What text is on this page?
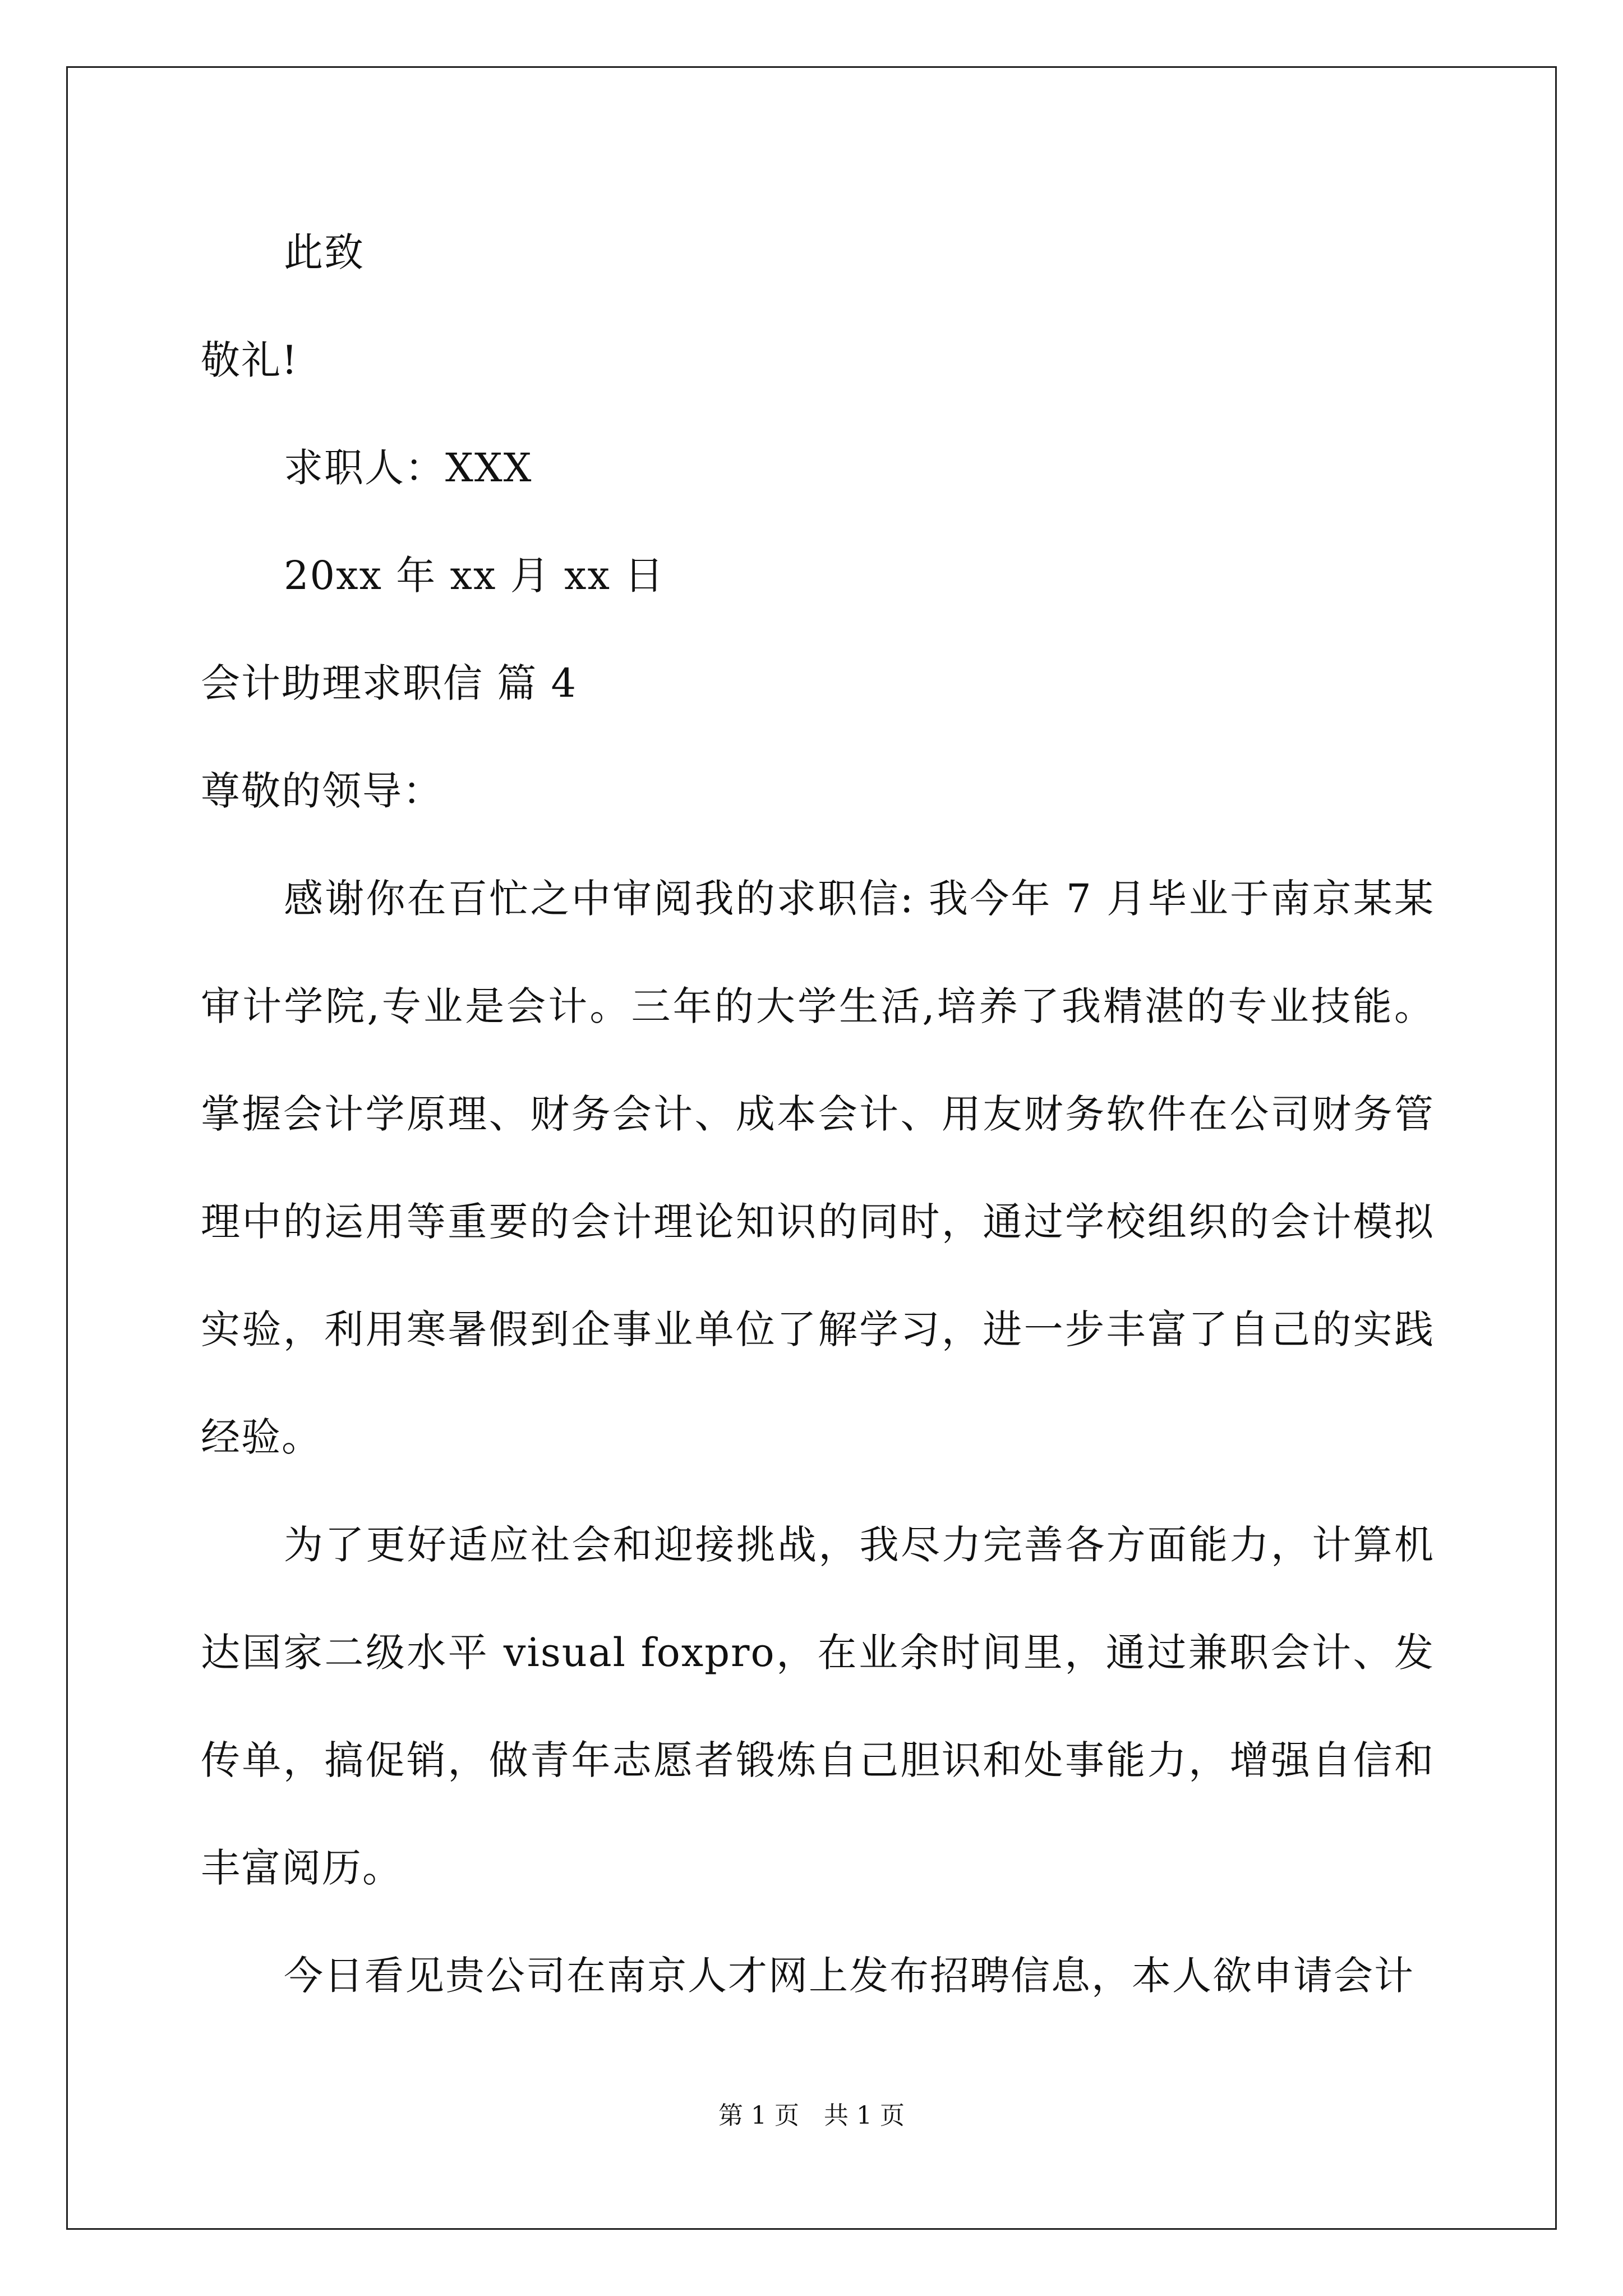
此致
敬礼!
求职人：XXX
20xx 年 xx 月 xx 日
会计助理求职信 篇 4
尊敬的领导：

感谢你在百忙之中审阅我的求职信: 我今年 7 月毕业于南京某某审计学院,专业是会计。三年的大学生活,培养了我精湛的专业技能。掌握会计学原理、财务会计、成本会计、用友财务软件在公司财务管理中的运用等重要的会计理论知识的同时，通过学校组织的会计模拟实验，利用寒暑假到企事业单位了解学习，进一步丰富了自己的实践经验。

为了更好适应社会和迎接挑战，我尽力完善各方面能力，计算机达国家二级水平 visual foxpro，在业余时间里，通过兼职会计、发传单，搞促销，做青年志愿者锻炼自己胆识和处事能力，增强自信和丰富阅历。

今日看见贵公司在南京人才网上发布招聘信息，本人欲申请会计

第 1 页　共 1 页
